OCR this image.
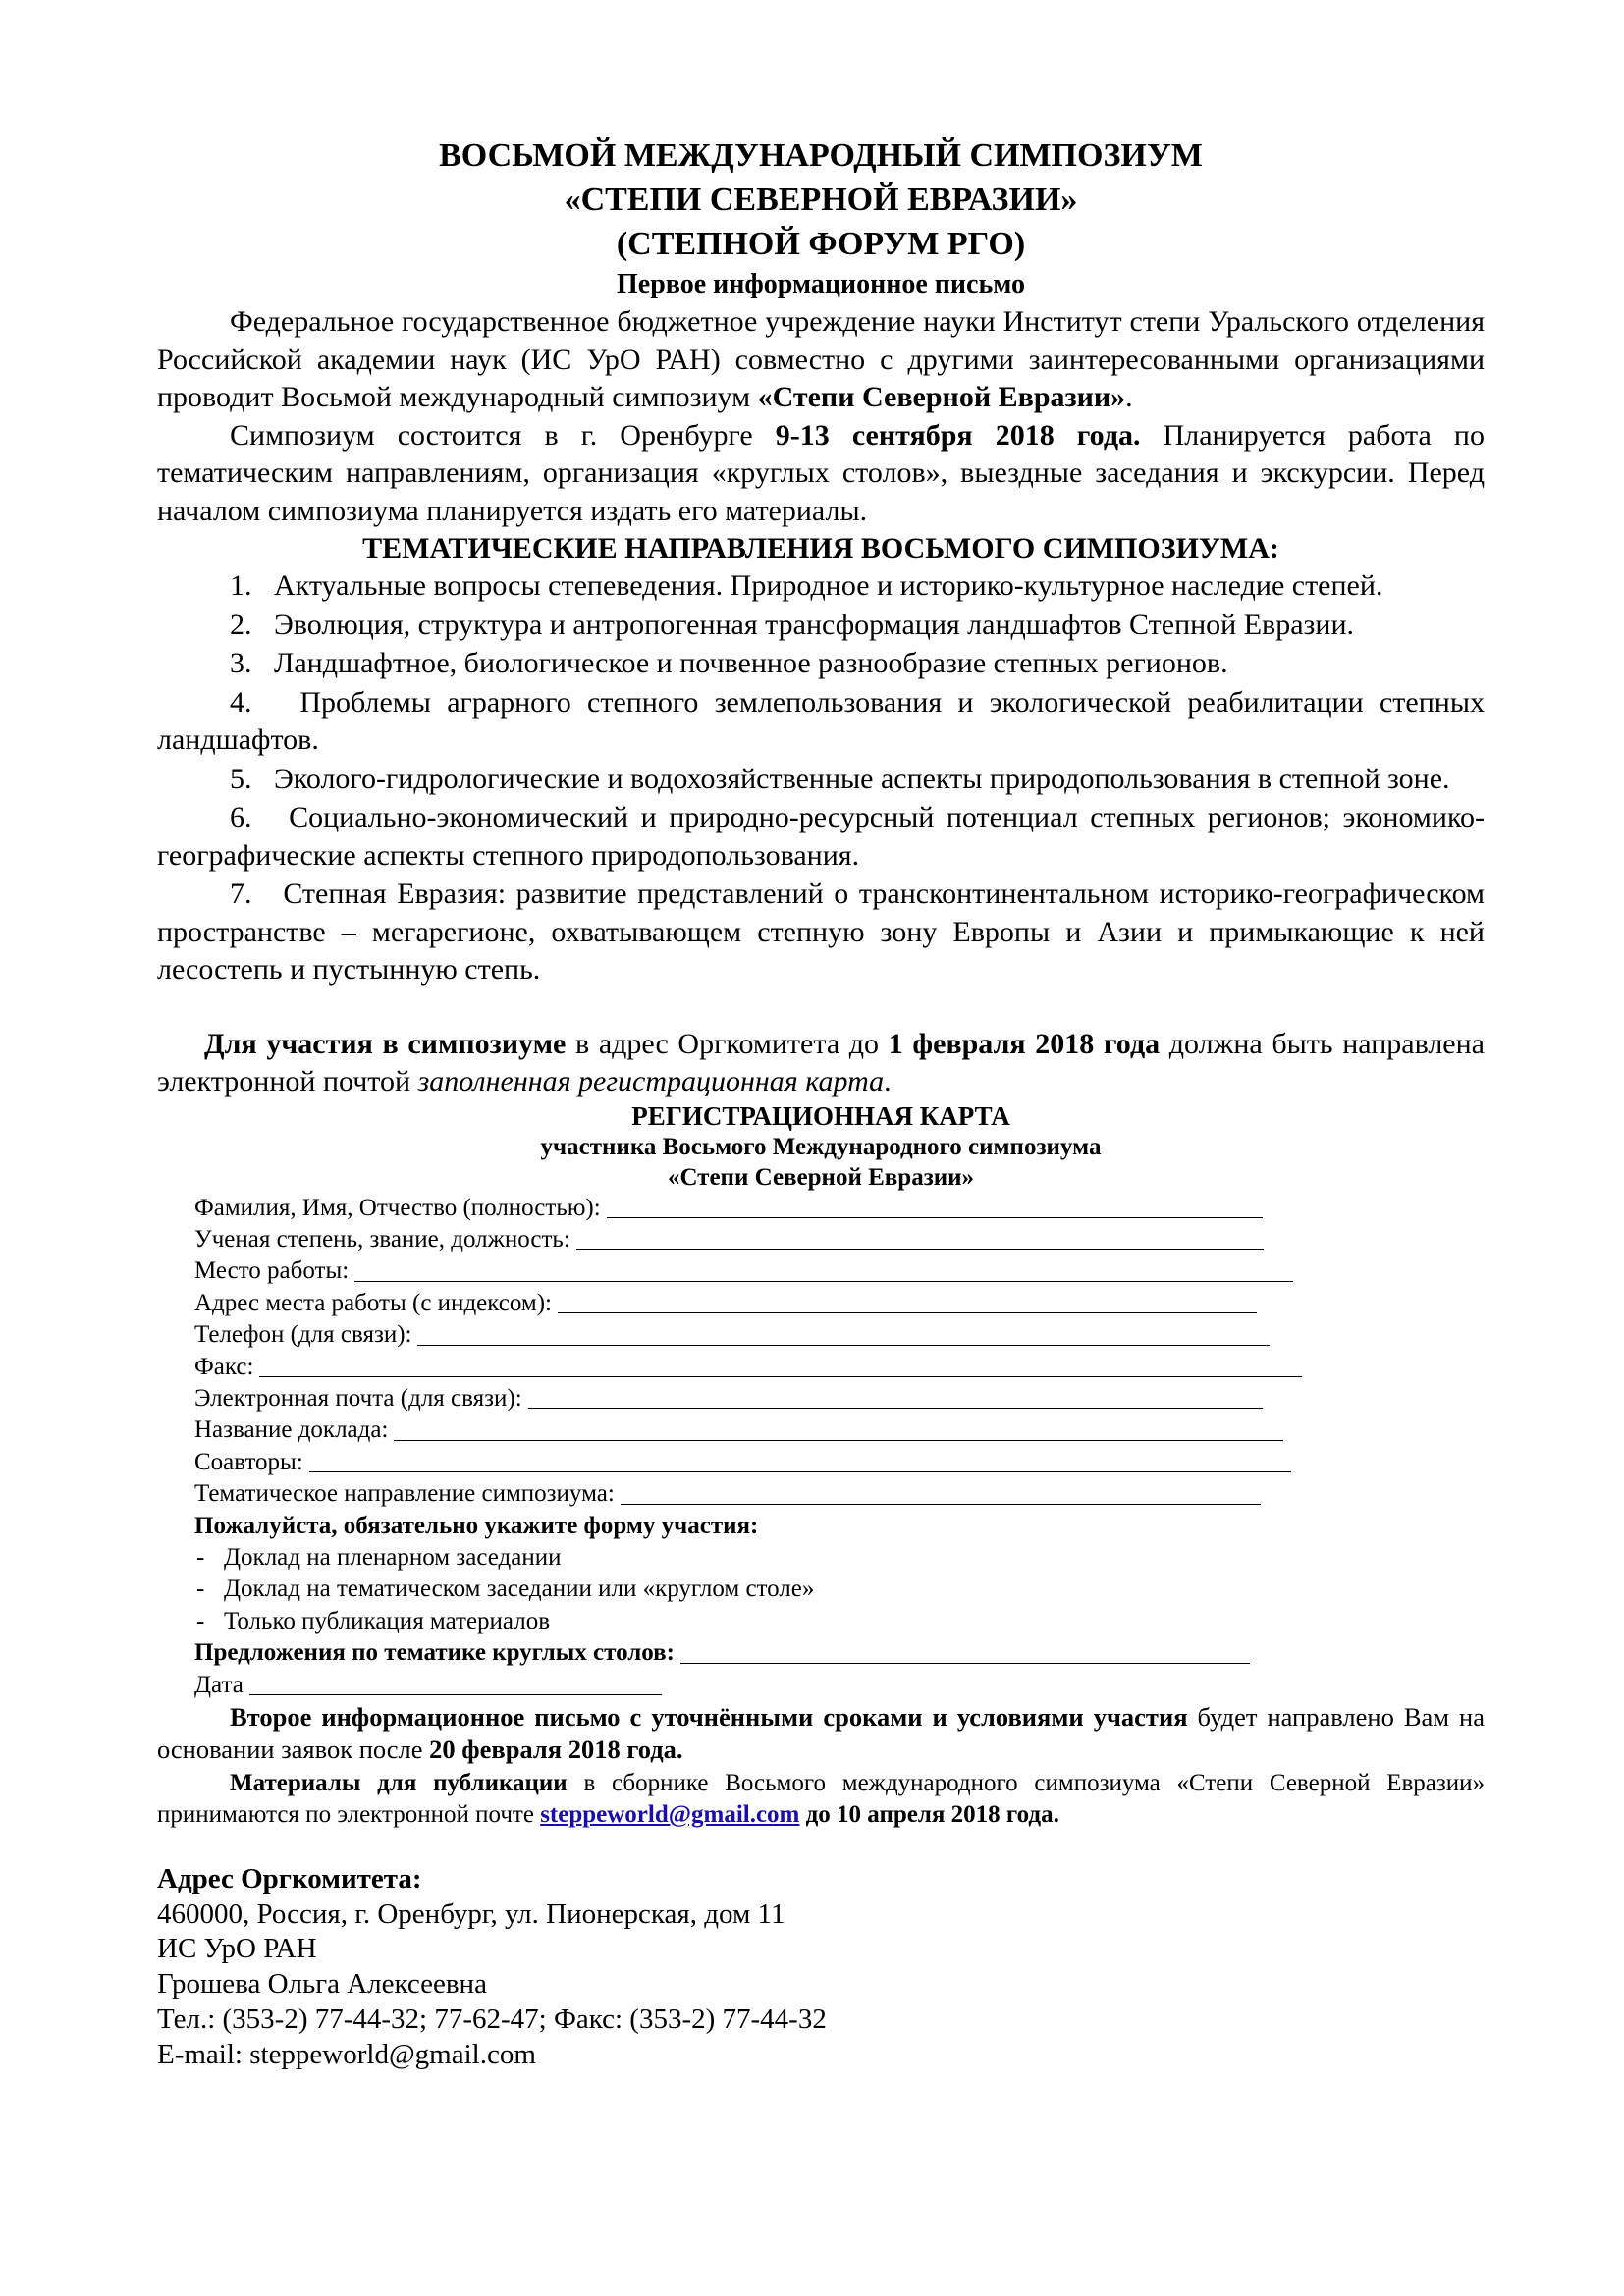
ВОСЬМОЙ МЕЖДУНАРОДНЫЙ СИМПОЗИУМ

«СТЕПИ СЕВЕРНОЙ ЕВРАЗИИ»

(СТЕПНОЙ ФОРУМ РГО)

Первое информационное письмо

Федеральное государственное бюджетное учреждение науки Институт степи Уральского отделения Российской академии наук (ИС УрО РАН) совместно с другими заинтересованными организациями проводит Восьмой международный симпозиум «Степи Северной Евразии».

Симпозиум состоится в г. Оренбурге 9-13 сентября 2018 года. Планируется работа по тематическим направлениям, организация «круглых столов», выездные заседания и экскурсии. Перед началом симпозиума планируется издать его материалы.

ТЕМАТИЧЕСКИЕ НАПРАВЛЕНИЯ ВОСЬМОГО СИМПОЗИУМА:

1.   Актуальные вопросы степеведения. Природное и историко-культурное наследие степей.
2.   Эволюция, структура и антропогенная трансформация ландшафтов Степной Евразии.
3.   Ландшафтное, биологическое и почвенное разнообразие степных регионов.
4.   Проблемы аграрного степного землепользования и экологической реабилитации степных ландшафтов.
5.   Эколого-гидрологические и водохозяйственные аспекты природопользования в степной зоне.
6.   Социально-экономический и природно-ресурсный потенциал степных регионов; экономико-географические аспекты степного природопользования.
7.   Степная Евразия: развитие представлений о трансконтинентальном историко-географическом пространстве – мегарегионе, охватывающем степную зону Европы и Азии и примыкающие к ней лесостепь и пустынную степь.

Для участия в симпозиуме в адрес Оргкомитета до 1 февраля 2018 года должна быть направлена электронной почтой заполненная регистрационная карта.

РЕГИСТРАЦИОННАЯ КАРТА

участника Восьмого Международного симпозиума

«Степи Северной Евразии»

Фамилия, Имя, Отчество (полностью):
Ученая степень, звание, должность:
Место работы:
Адрес места работы (с индексом):
Телефон (для связи):
Факс:
Электронная почта (для связи):
Название доклада:
Соавторы:
Тематическое направление симпозиума:
Пожалуйста, обязательно укажите форму участия:
- Доклад на пленарном заседании
- Доклад на тематическом заседании или «круглом столе»
- Только публикация материалов
Предложения по тематике круглых столов:
Дата

Второе информационное письмо с уточнёнными сроками и условиями участия будет направлено Вам на основании заявок после 20 февраля 2018 года.

Материалы для публикации в сборнике Восьмого международного симпозиума «Степи Северной Евразии» принимаются по электронной почте steppeworld@gmail.com до 10 апреля 2018 года.

Адрес Оргкомитета:
460000, Россия, г. Оренбург, ул. Пионерская, дом 11
ИС УрО РАН
Грошева Ольга Алексеевна
Тел.: (353-2) 77-44-32; 77-62-47; Факс: (353-2) 77-44-32
E-mail: steppeworld@gmail.com
